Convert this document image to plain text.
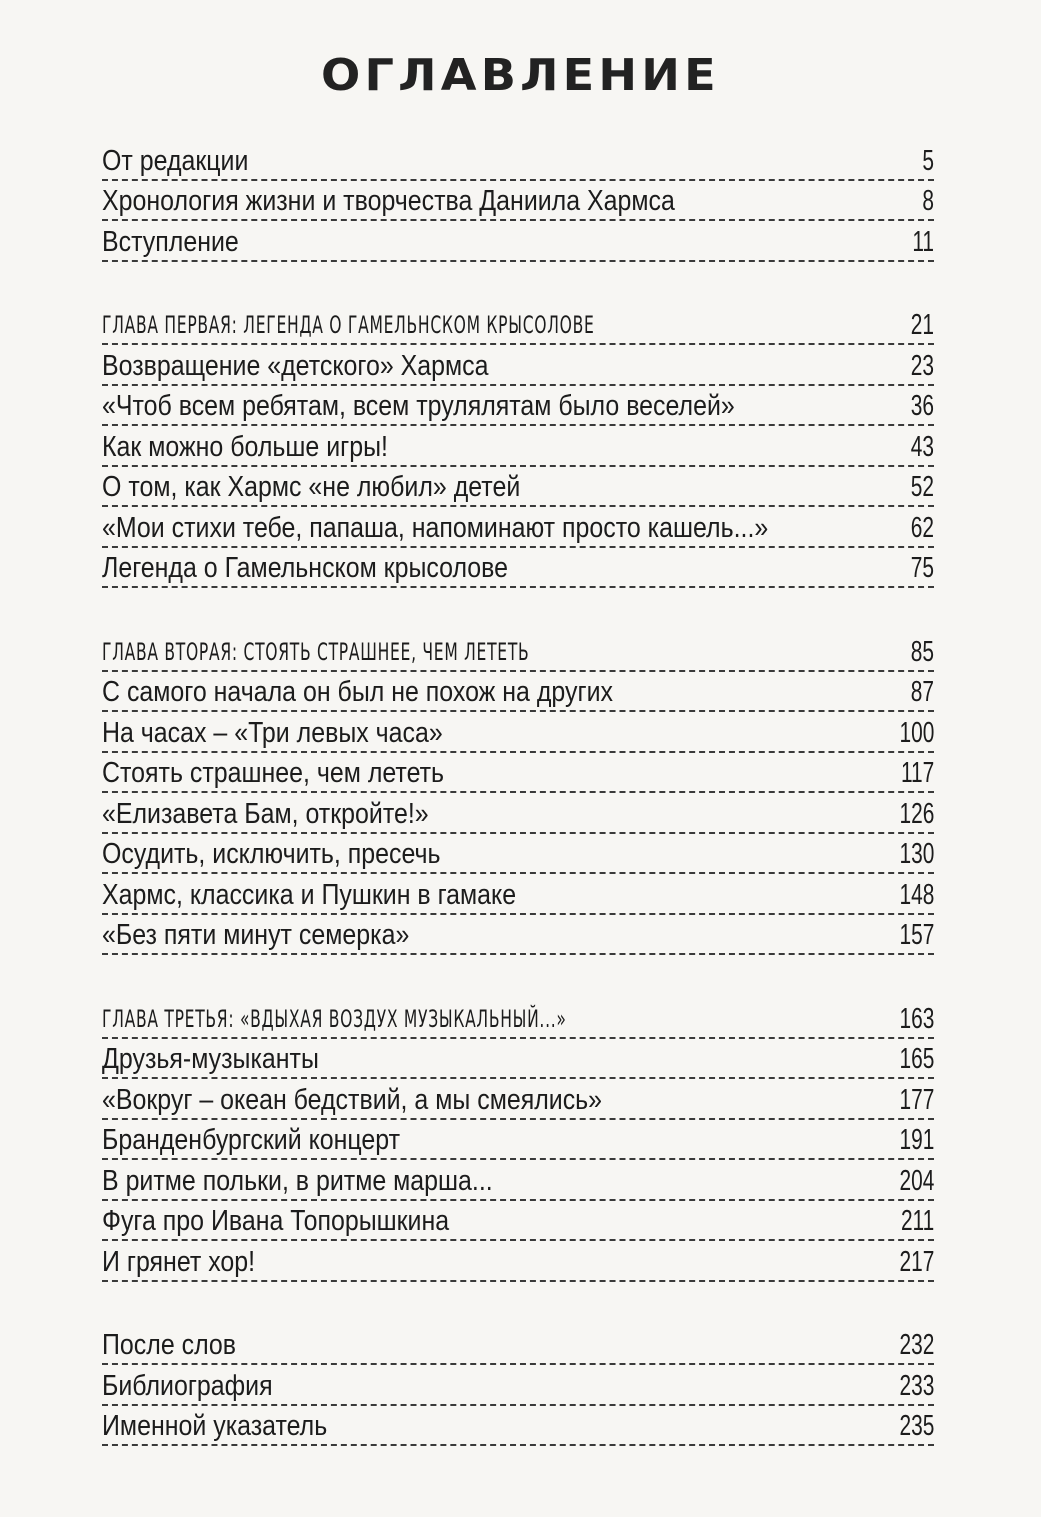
ОГЛАВЛЕНИЕ
От редакции	5
Хронология жизни и творчества Даниила Хармса	8
Вступление	11
ГЛАВА ПЕРВАЯ: ЛЕГЕНДА О ГАМЕЛЬНСКОМ КРЫСОЛОВЕ	21
Возвращение «детского» Хармса	23
«Чтоб всем ребятам, всем трулялятам было веселей»	36
Как можно больше игры!	43
О том, как Хармс «не любил» детей	52
«Мои стихи тебе, папаша, напоминают просто кашель...»	62
Легенда о Гамельнском крысолове	75
ГЛАВА ВТОРАЯ: СТОЯТЬ СТРАШНЕЕ, ЧЕМ ЛЕТЕТЬ	85
С самого начала он был не похож на других	87
На часах – «Три левых часа»	100
Стоять страшнее, чем лететь	117
«Елизавета Бам, откройте!»	126
Осудить, исключить, пресечь	130
Хармс, классика и Пушкин в гамаке	148
«Без пяти минут семерка»	157
ГЛАВА ТРЕТЬЯ: «ВДЫХАЯ ВОЗДУХ МУЗЫКАЛЬНЫЙ...»	163
Друзья-музыканты	165
«Вокруг – океан бедствий, а мы смеялись»	177
Бранденбургский концерт	191
В ритме польки, в ритме марша...	204
Фуга про Ивана Топорышкина	211
И грянет хор!	217
После слов	232
Библиография	233
Именной указатель	235
